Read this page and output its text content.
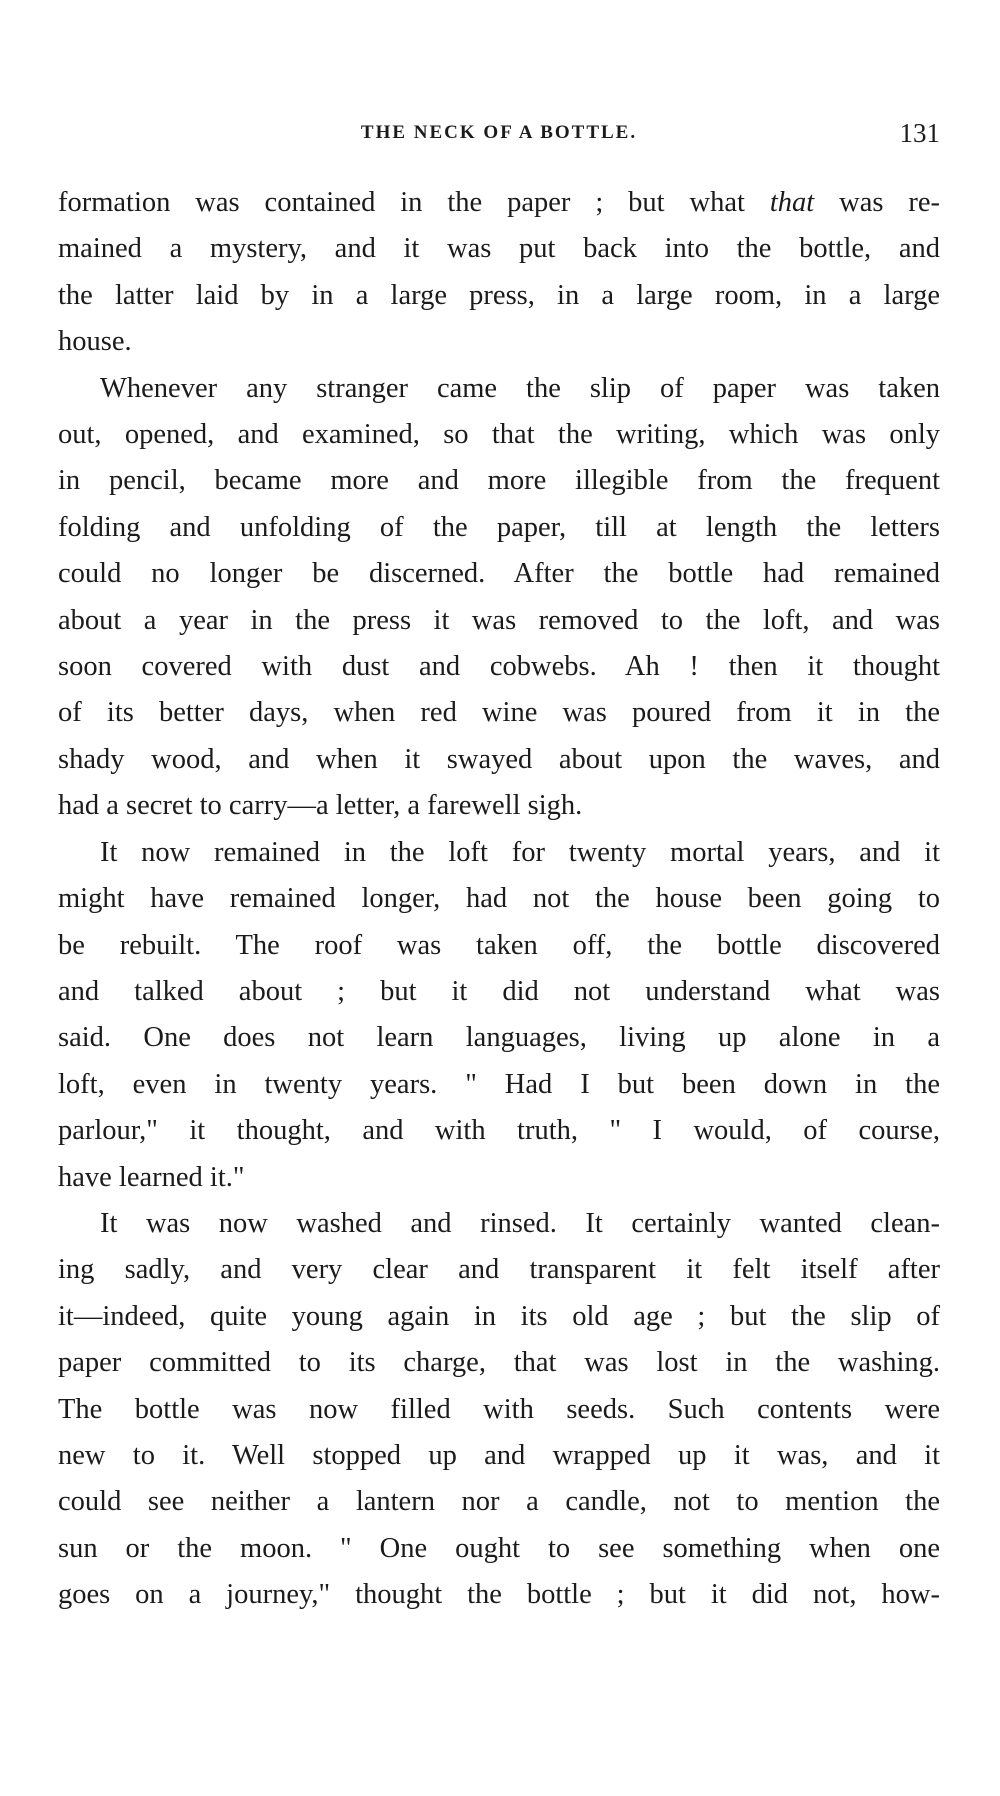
THE NECK OF A BOTTLE.	131

formation was contained in the paper ; but what that was re-
mained a mystery, and it was put back into the bottle, and
the latter laid by in a large press, in a large room, in a large
house.

Whenever any stranger came the slip of paper was taken
out, opened, and examined, so that the writing, which was only
in pencil, became more and more illegible from the frequent
folding and unfolding of the paper, till at length the letters
could no longer be discerned. After the bottle had remained
about a year in the press it was removed to the loft, and was
soon covered with dust and cobwebs. Ah ! then it thought
of its better days, when red wine was poured from it in the
shady wood, and when it swayed about upon the waves, and
had a secret to carry—a letter, a farewell sigh.

It now remained in the loft for twenty mortal years, and it
might have remained longer, had not the house been going to
be rebuilt. The roof was taken off, the bottle discovered
and talked about ; but it did not understand what was
said. One does not learn languages, living up alone in a
loft, even in twenty years. " Had I but been down in the
parlour," it thought, and with truth, " I would, of course,
have learned it."

It was now washed and rinsed. It certainly wanted clean-
ing sadly, and very clear and transparent it felt itself after
it—indeed, quite young again in its old age ; but the slip of
paper committed to its charge, that was lost in the washing.
The bottle was now filled with seeds. Such contents were
new to it. Well stopped up and wrapped up it was, and it
could see neither a lantern nor a candle, not to mention the
sun or the moon. " One ought to see something when one
goes on a journey," thought the bottle ; but it did not, how-
